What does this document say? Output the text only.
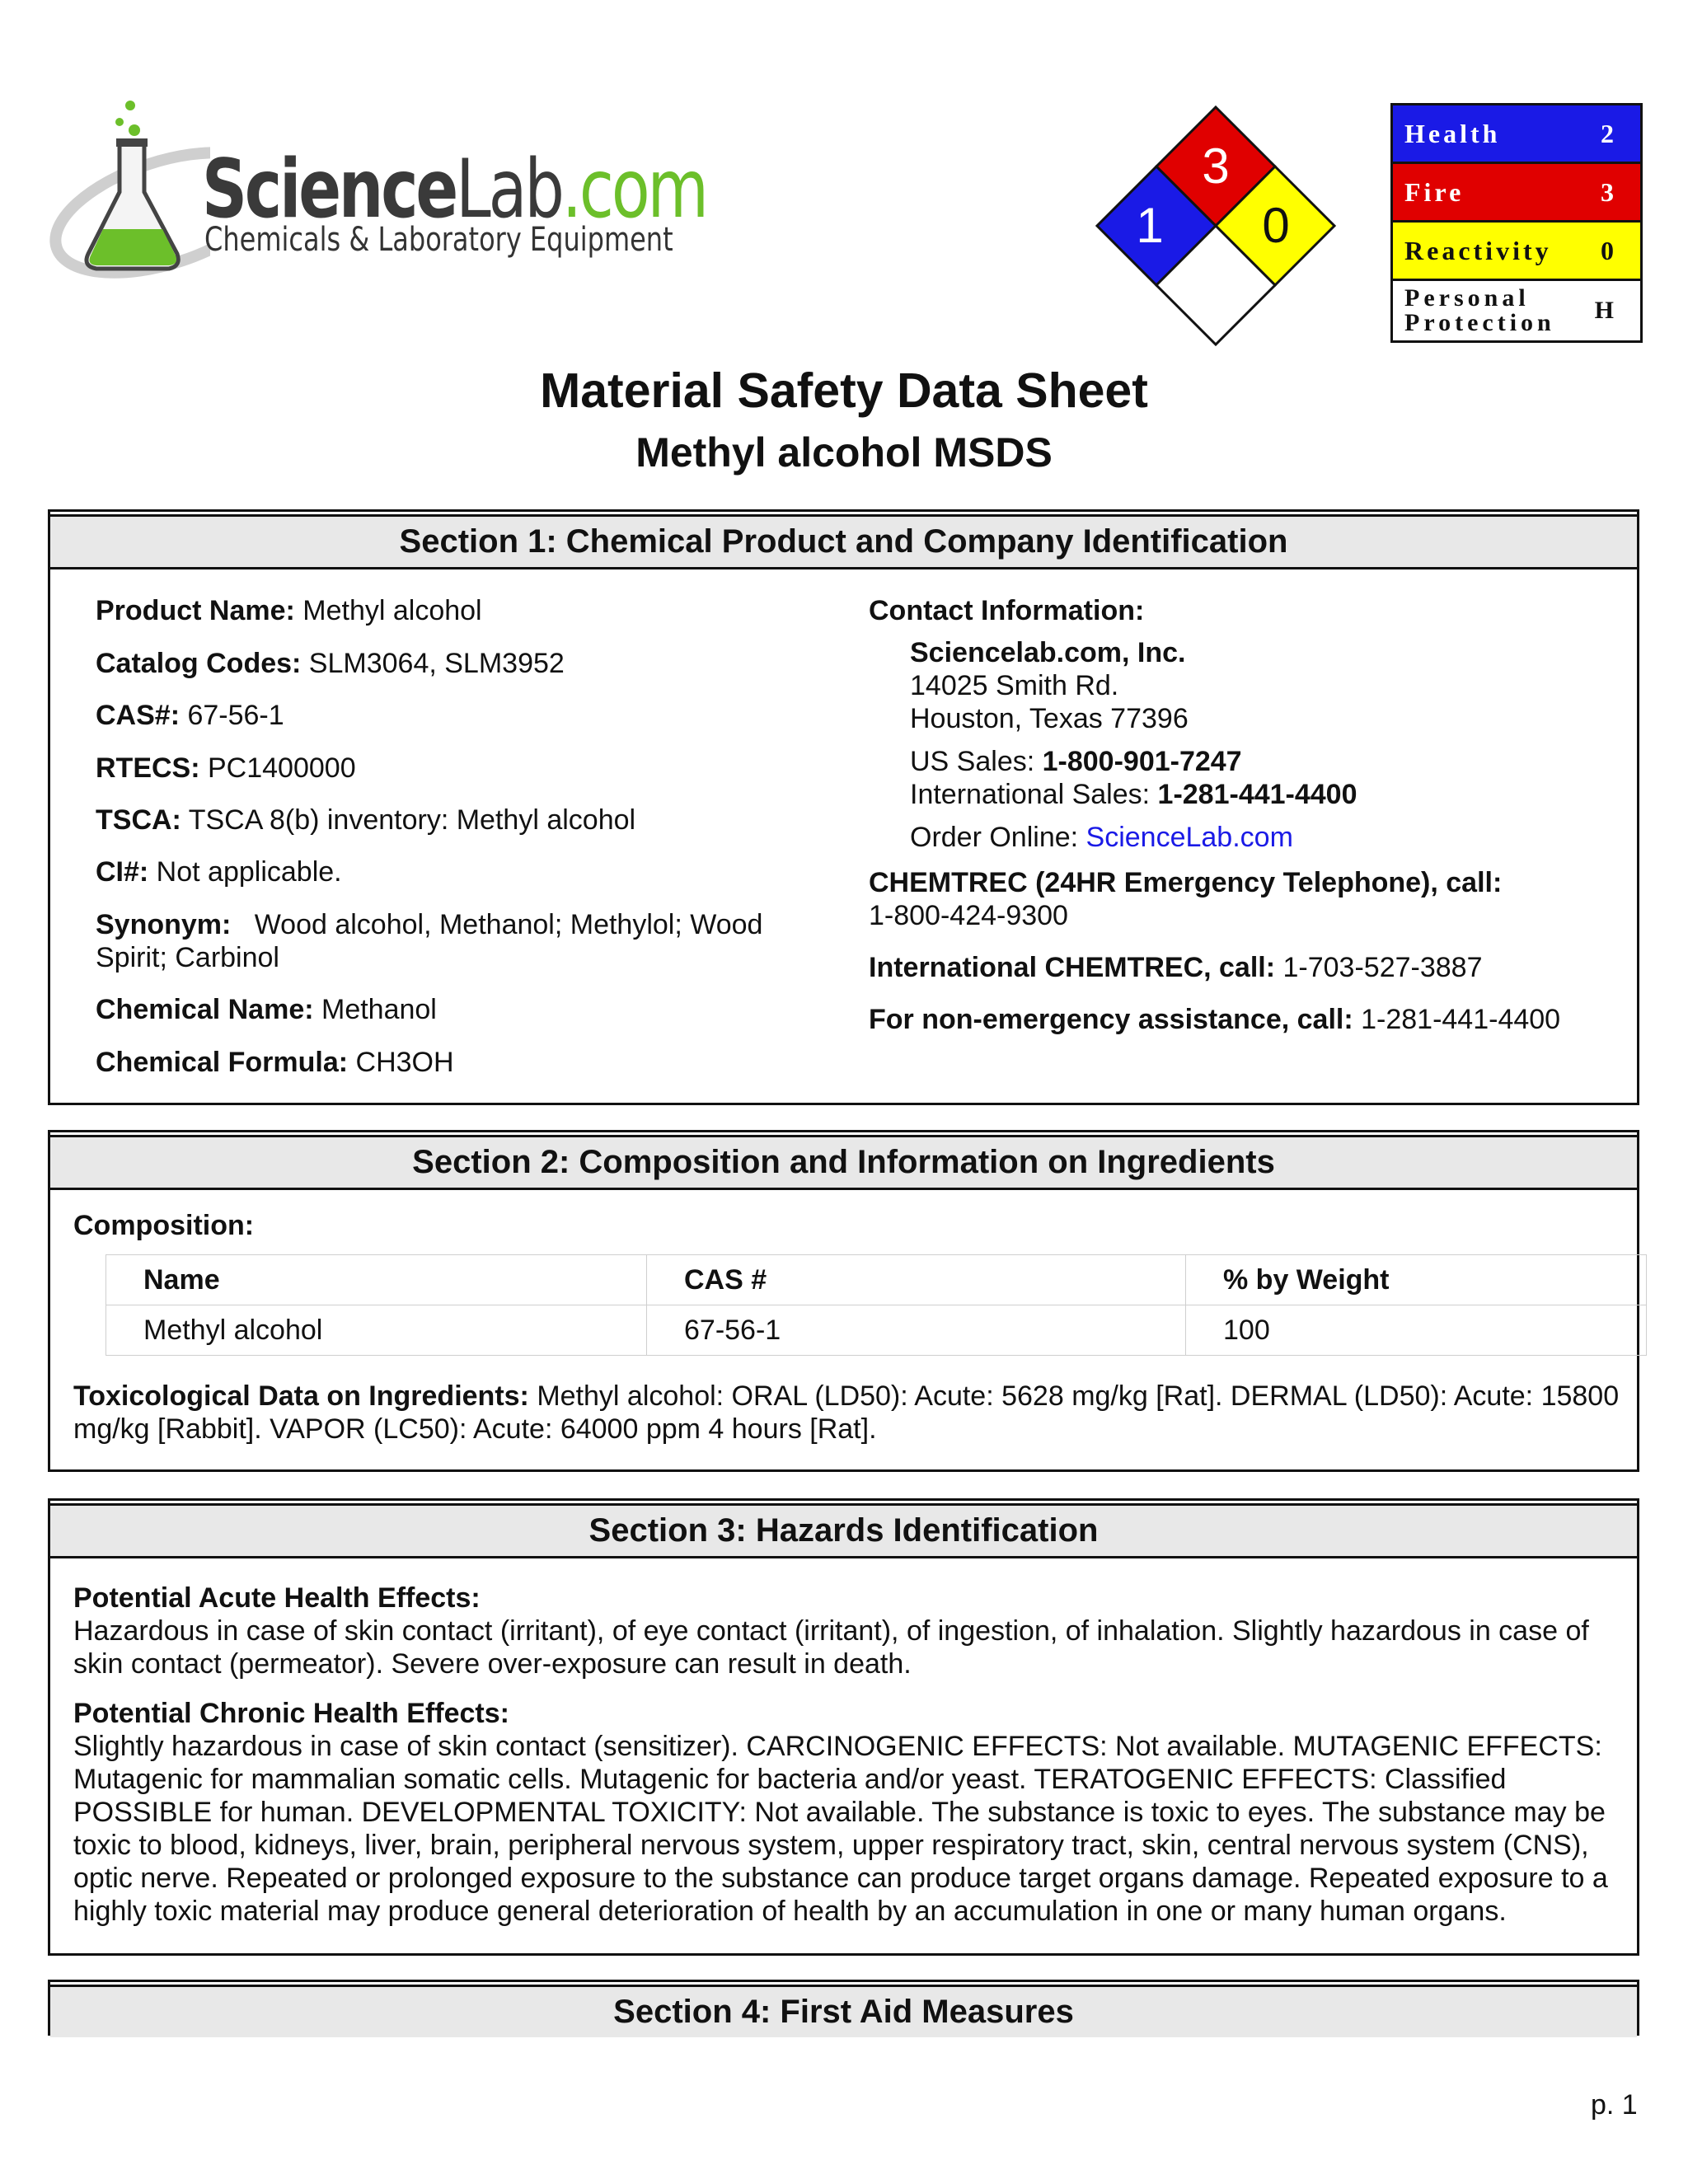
ScienceLab.com
Chemicals & Laboratory Equipment
3
1 0
Health	2
Fire	3
Reactivity 0
Personal
Protection H
Material Safety Data Sheet
Methyl alcohol MSDS
Section 1: Chemical Product and Company Identification
Product Name: Methyl alcohol
Catalog Codes: SLM3064, SLM3952
CAS#: 67-56-1
RTECS: PC1400000
TSCA: TSCA 8(b) inventory: Methyl alcohol
CI#: Not applicable.
Synonym:   Wood alcohol, Methanol; Methylol; Wood
Spirit; Carbinol
Chemical Name: Methanol
Chemical Formula: CH3OH
Contact Information:
Sciencelab.com, Inc.
14025 Smith Rd.
Houston, Texas 77396
US Sales: 1-800-901-7247
International Sales: 1-281-441-4400
Order Online: ScienceLab.com
CHEMTREC (24HR Emergency Telephone), call:
1-800-424-9300
International CHEMTREC, call: 1-703-527-3887
For non-emergency assistance, call: 1-281-441-4400
Section 2: Composition and Information on Ingredients
Composition:
Name	CAS #	% by Weight
Methyl alcohol	67-56-1	100
Toxicological Data on Ingredients: Methyl alcohol: ORAL (LD50): Acute: 5628 mg/kg [Rat]. DERMAL (LD50): Acute: 15800
mg/kg [Rabbit]. VAPOR (LC50): Acute: 64000 ppm 4 hours [Rat].
Section 3: Hazards Identification
Potential Acute Health Effects:
Hazardous in case of skin contact (irritant), of eye contact (irritant), of ingestion, of inhalation. Slightly hazardous in case of
skin contact (permeator). Severe over-exposure can result in death.
Potential Chronic Health Effects:
Slightly hazardous in case of skin contact (sensitizer). CARCINOGENIC EFFECTS: Not available. MUTAGENIC EFFECTS:
Mutagenic for mammalian somatic cells. Mutagenic for bacteria and/or yeast. TERATOGENIC EFFECTS: Classified
POSSIBLE for human. DEVELOPMENTAL TOXICITY: Not available. The substance is toxic to eyes. The substance may be
toxic to blood, kidneys, liver, brain, peripheral nervous system, upper respiratory tract, skin, central nervous system (CNS),
optic nerve. Repeated or prolonged exposure to the substance can produce target organs damage. Repeated exposure to a
highly toxic material may produce general deterioration of health by an accumulation in one or many human organs.
Section 4: First Aid Measures
p. 1
